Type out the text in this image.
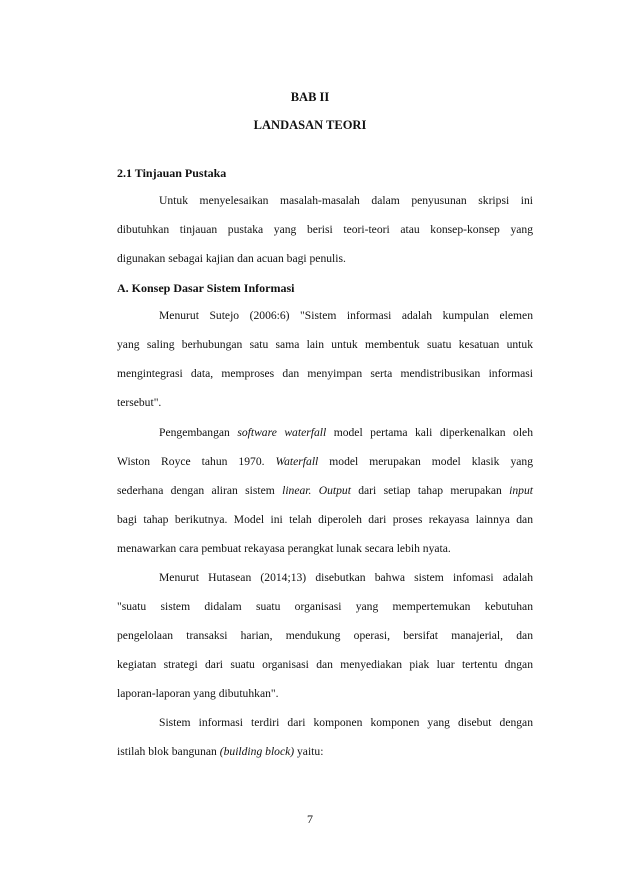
BAB II
LANDASAN TEORI
2.1 Tinjauan Pustaka
Untuk menyelesaikan masalah-masalah dalam penyusunan skripsi ini
dibutuhkan tinjauan pustaka yang berisi teori-teori atau konsep-konsep yang
digunakan sebagai kajian dan acuan bagi penulis.
A. Konsep Dasar Sistem Informasi
Menurut Sutejo (2006:6) "Sistem informasi adalah kumpulan elemen
yang saling berhubungan satu sama lain untuk membentuk suatu kesatuan untuk
mengintegrasi data, memproses dan menyimpan serta mendistribusikan informasi
tersebut".
Pengembangan software waterfall model pertama kali diperkenalkan oleh
Wiston Royce tahun 1970. Waterfall model merupakan model klasik yang
sederhana dengan aliran sistem linear. Output dari setiap tahap merupakan input
bagi tahap berikutnya. Model ini telah diperoleh dari proses rekayasa lainnya dan
menawarkan cara pembuat rekayasa perangkat lunak secara lebih nyata.
Menurut Hutasean (2014;13) disebutkan bahwa sistem infomasi adalah
"suatu sistem didalam suatu organisasi yang mempertemukan kebutuhan
pengelolaan transaksi harian, mendukung operasi, bersifat manajerial, dan
kegiatan strategi dari suatu organisasi dan menyediakan piak luar tertentu dngan
laporan-laporan yang dibutuhkan".
Sistem informasi terdiri dari komponen komponen yang disebut dengan
istilah blok bangunan (building block) yaitu:
7
